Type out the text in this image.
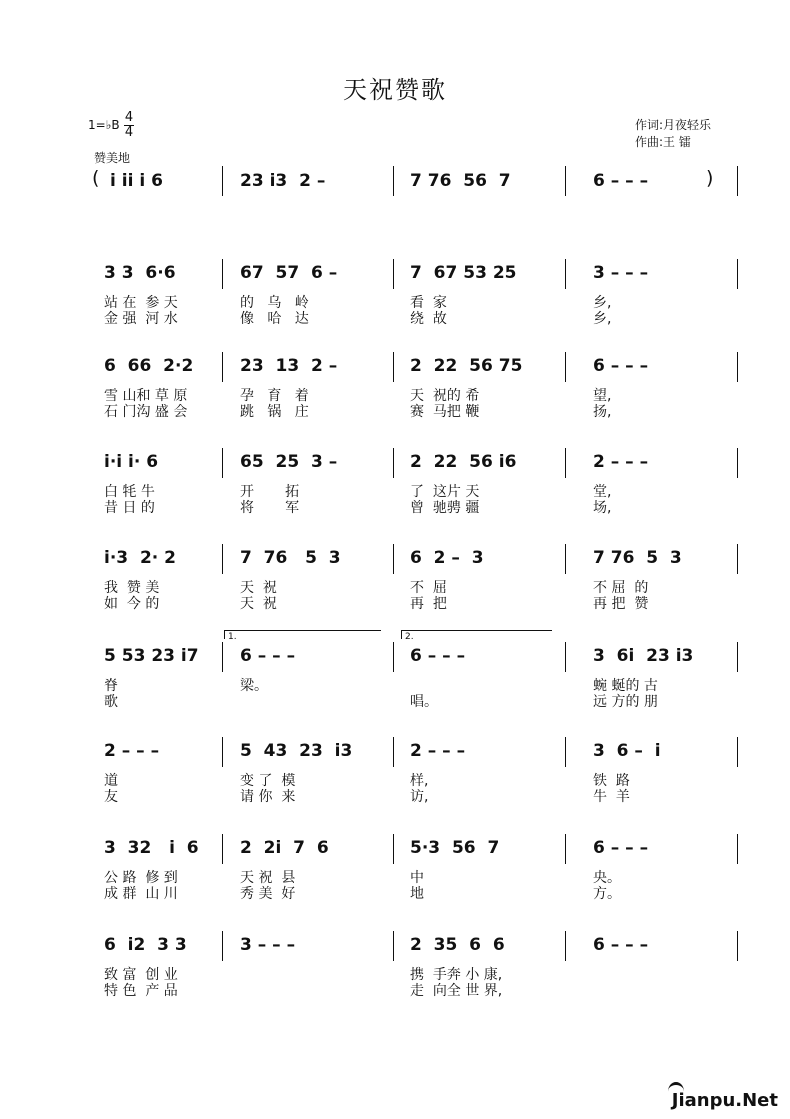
天祝赞歌
1=♭B 4
4
赞美地
作词:月夜轻乐
作曲:王 镭
( i ii i 6	23 i3  2 –	7 76  56  7	6 – – –	)
3 3  6·6
站 在  参 天
金 强  河 水
67  57  6 –
的   乌   岭
像   哈   达
7  67 53 25
看  家
绕  故
3 – – –
乡,
乡,
6  66  2·2
雪 山和 草 原
石 门沟 盛 会
23  13  2 –
孕   育   着
跳   锅   庄
2  22  56 75
天  祝的 希
赛  马把 鞭
6 – – –
望,
扬,
i·i i· 6
白 牦 牛
昔 日 的
65  25  3 –
开       拓
将       军
2  22  56 i6
了  这片 天
曾  驰骋 疆
2 – – –
堂,
场,
i·3  2· 2
我  赞 美
如  今 的
7  76   5  3
天  祝
天  祝
6  2 –  3
不  屈
再  把
7 76  5  3
不 屈  的
再 把  赞
5 53 23 i7
脊
歌
6 – – –
梁。
6 – – –
唱。
3  6i  23 i3
蜿 蜒的 古
远 方的 朋
1.	2.
2 – – –
道
友
5  43  23  i3
变 了  模
请 你  来
2 – – –
样,
访,
3  6 –  i
铁  路
牛  羊
3  32   i  6
公 路  修 到
成 群  山 川
2  2i  7  6
天 祝  县
秀 美  好
5·3  56  7
中
地
6 – – –
央。
方。
6  i2  3 3
致 富  创 业
特 色  产 品
3 – – –	2  35  6  6
携  手奔 小 康,
走  向全 世 界,
6 – – –
Jianpu.Net
